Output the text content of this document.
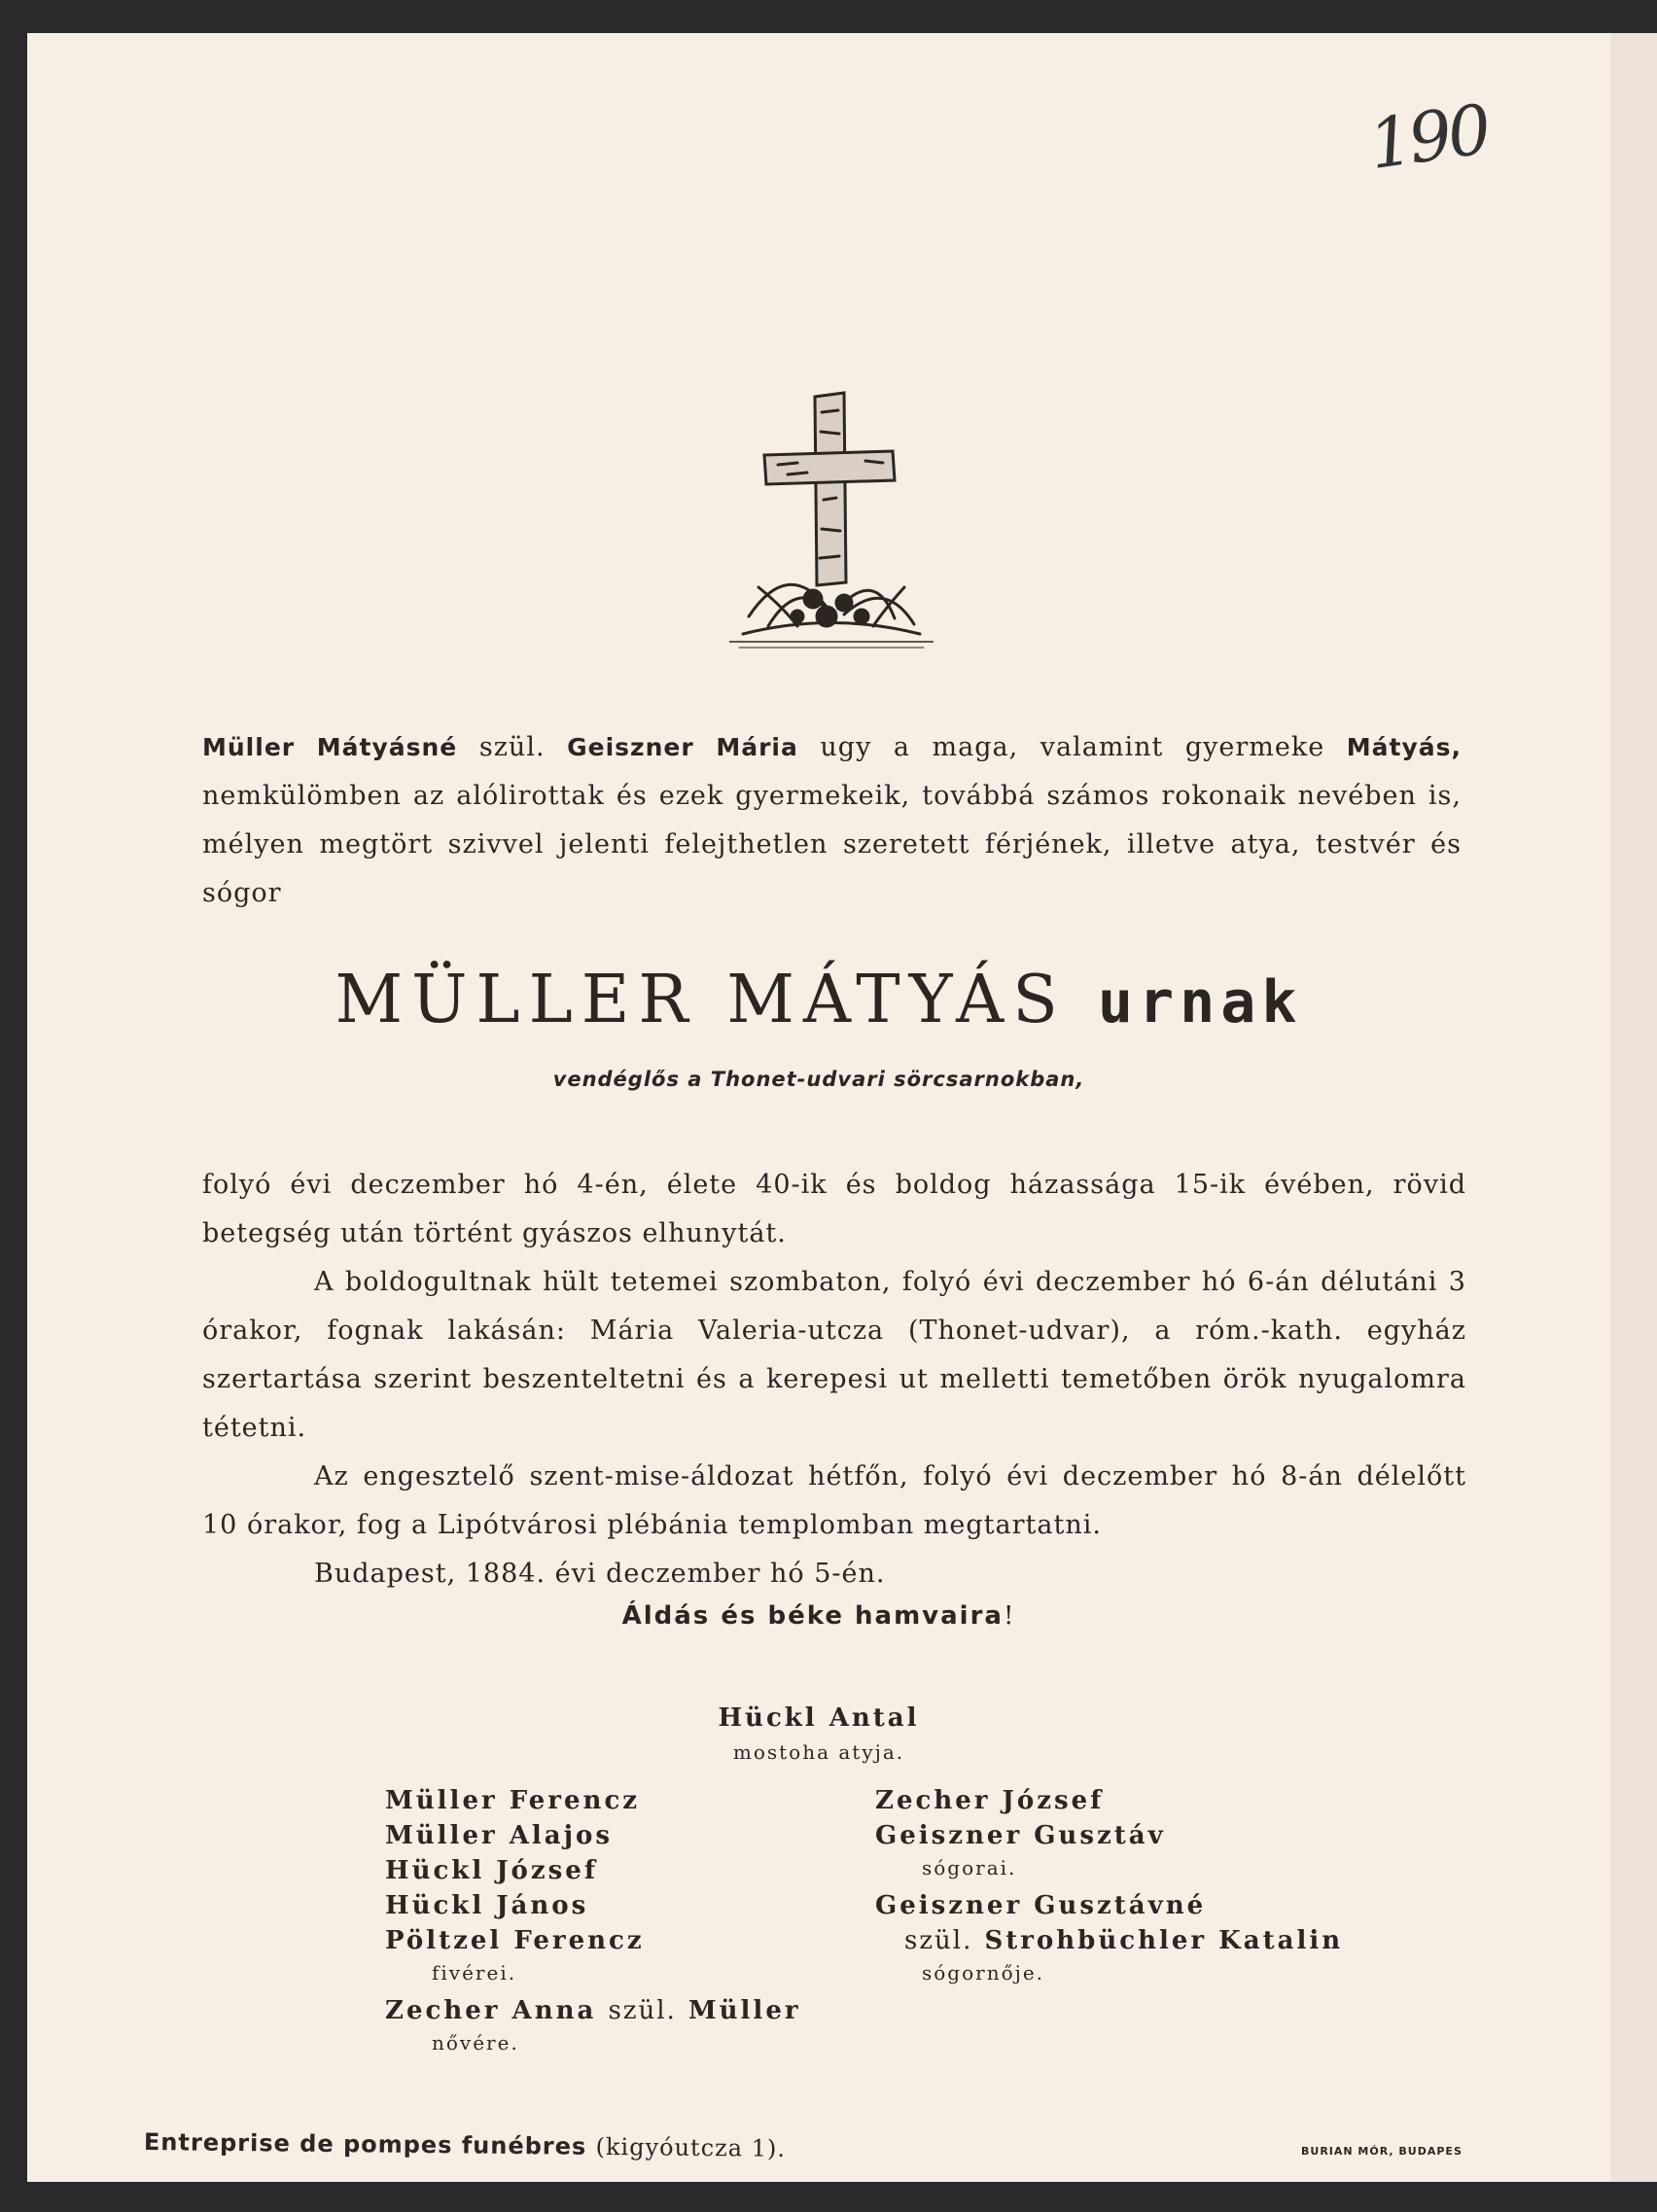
190
Müller Mátyásné szül. Geiszner Mária ugy a maga, valamint gyermeke Mátyás, nemkülömben az alólirottak és ezek gyermekeik, továbbá számos rokonaik nevében is, mélyen megtört szivvel jelenti felejthetlen szeretett férjének, illetve atya, testvér és sógor
MÜLLER MÁTYÁS urnak
vendéglős a Thonet-udvari sörcsarnokban,

folyó évi deczember hó 4-én, élete 40-ik és boldog házassága 15-ik évében, rövid betegség után történt gyászos elhunytát.

A boldogultnak hült tetemei szombaton, folyó évi deczember hó 6-án délutáni 3 órakor, fognak lakásán: Mária Valeria-utcza (Thonet-udvar), a róm.-kath. egyház szertartása szerint beszenteltetni és a kerepesi ut melletti temetőben örök nyugalomra tétetni.

Az engesztelő szent-mise-áldozat hétfőn, folyó évi deczember hó 8-án délelőtt 10 órakor, fog a Lipótvárosi plébánia templomban megtartatni.

Budapest, 1884. évi deczember hó 5-én.

Áldás és béke hamvaira!
Hückl Antal
mostoha atyja.
Müller Ferencz
Müller Alajos
Hückl József
Hückl János
Pöltzel Ferencz
fivérei.
Zecher Anna szül. Müller
nővére.
Zecher József
Geiszner Gusztáv
sógorai.
Geiszner Gusztávné
szül. Strohbüchler Katalin
sógornője.
Entreprise de pompes funébres (kigyóutcza 1).	BURIAN MÓR, BUDAPES
